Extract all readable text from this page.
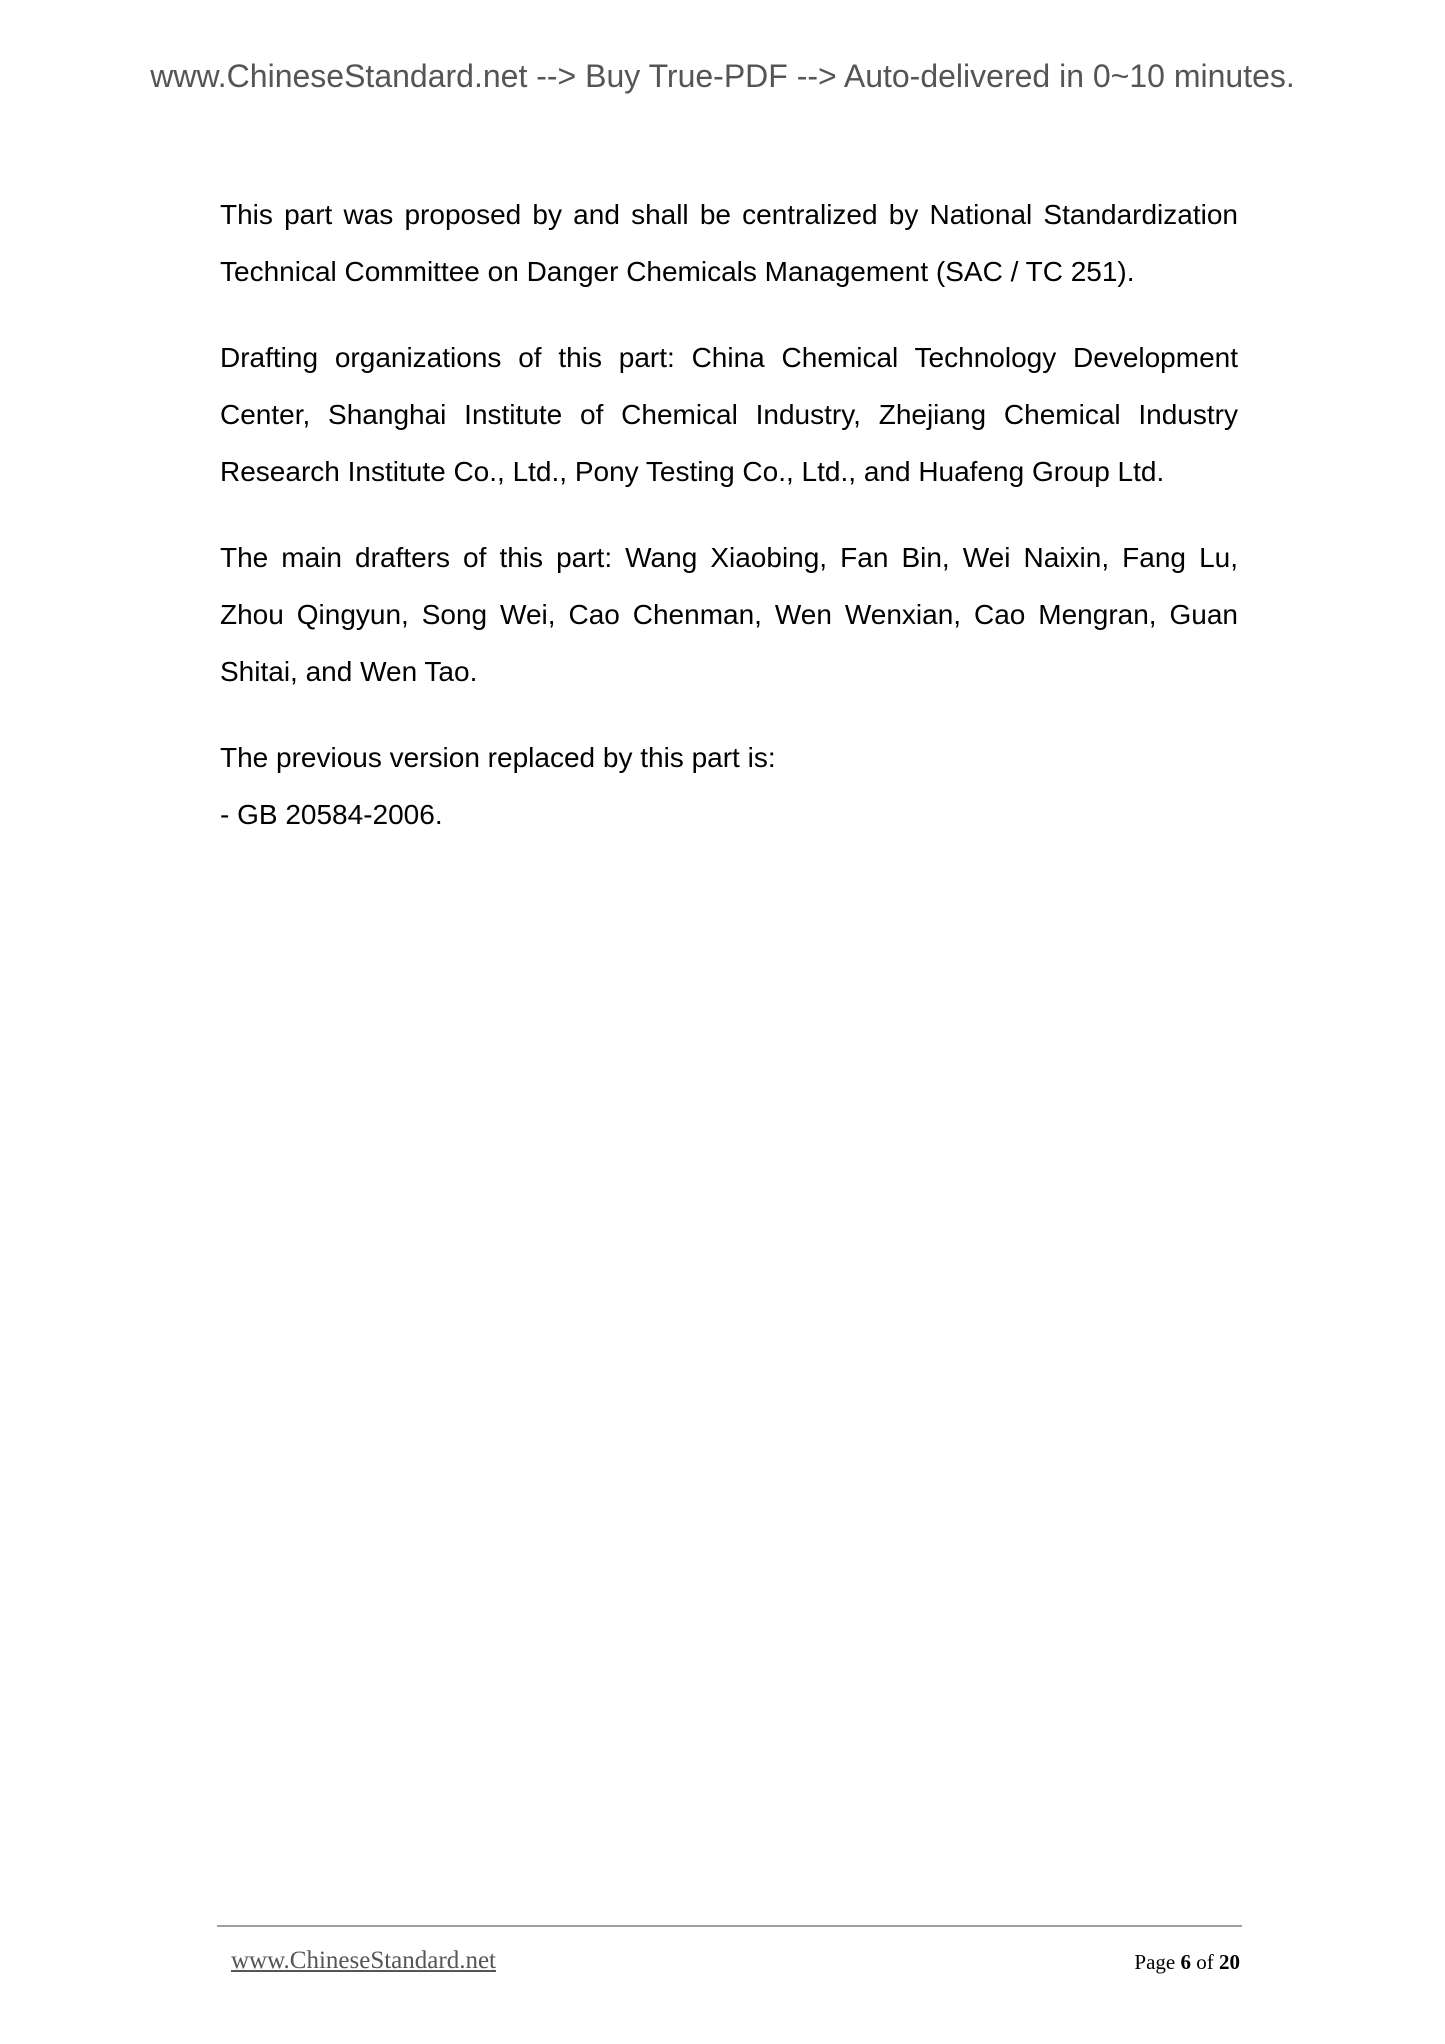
www.ChineseStandard.net --> Buy True-PDF --> Auto-delivered in 0~10 minutes.

This part was proposed by and shall be centralized by National Standardization Technical Committee on Danger Chemicals Management (SAC / TC 251).

Drafting organizations of this part: China Chemical Technology Development Center, Shanghai Institute of Chemical Industry, Zhejiang Chemical Industry Research Institute Co., Ltd., Pony Testing Co., Ltd., and Huafeng Group Ltd.

The main drafters of this part: Wang Xiaobing, Fan Bin, Wei Naixin, Fang Lu, Zhou Qingyun, Song Wei, Cao Chenman, Wen Wenxian, Cao Mengran, Guan Shitai, and Wen Tao.

The previous version replaced by this part is:

- GB 20584-2006.

www.ChineseStandard.net	Page 6 of 20
